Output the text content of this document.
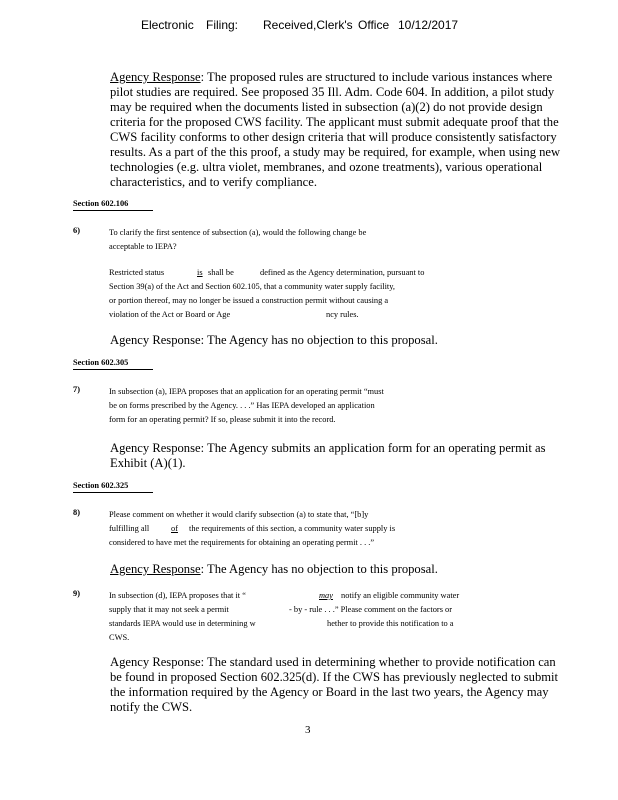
Electronic Filing: Received,Clerk's Office 10/12/2017
Agency Response: The proposed rules are structured to include various instances where
pilot studies are required. See proposed 35 Ill. Adm. Code 604. In addition, a pilot study
may be required when the documents listed in subsection (a)(2) do not provide design
criteria for the proposed CWS facility. The applicant must submit adequate proof that the
CWS facility conforms to other design criteria that will produce consistently satisfactory
results. As a part of the this proof, a study may be required, for example, when using new
technologies (e.g. ultra violet, membranes, and ozone treatments), various operational
characteristics, and to verify compliance.
Section 602.106
6)	To clarify the first sentence of subsection (a), would the following change be
acceptable to IEPA?
Restricted status	is shall be	defined as the Agency determination, pursuant to
Section 39(a) of the Act and Section 602.105, that a community water supply facility,
or portion thereof, may no longer be issued a construction permit without causing a
violation of the Act or Board or Age	ncy rules.
Agency Response: The Agency has no objection to this proposal.
Section 602.305
7)	In subsection (a), IEPA proposes that an application for an operating permit “must
be on forms prescribed by the Agency. . . .” Has IEPA developed an application
form for an operating permit? If so, please submit it into the record.
Agency Response: The Agency submits an application form for an operating permit as
Exhibit (A)(1).
Section 602.325
8)	Please comment on whether it would clarify subsection (a) to state that, “[b]y
fulfilling all	of the requirements of this section, a community water supply is
considered to have met the requirements for obtaining an operating permit . . .”
Agency Response: The Agency has no objection to this proposal.
9)	In subsection (d), IEPA proposes that it “	may notify an eligible community water
supply that it may not seek a permit	- by - rule . . .” Please comment on the factors or
standards IEPA would use in determining w	hether to provide this notification to a
CWS.
Agency Response: The standard used in determining whether to provide notification can
be found in proposed Section 602.325(d). If the CWS has previously neglected to submit
the information required by the Agency or Board in the last two years, the Agency may
notify the CWS.
3
